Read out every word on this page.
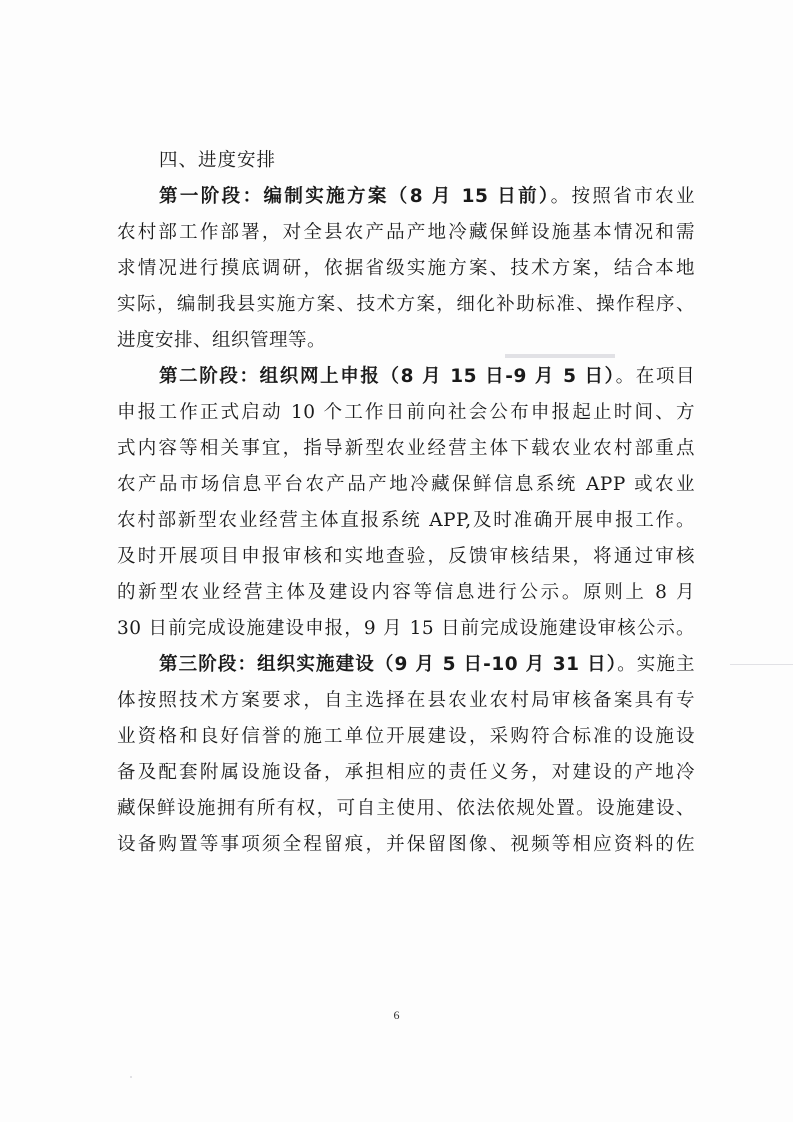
四、进度安排

第一阶段：编制实施方案（8 月 15 日前）。按照省市农业
农村部工作部署，对全县农产品产地冷藏保鲜设施基本情况和需
求情况进行摸底调研，依据省级实施方案、技术方案，结合本地
实际，编制我县实施方案、技术方案，细化补助标准、操作程序、
进度安排、组织管理等。
第二阶段：组织网上申报（8 月 15 日-9 月 5 日）。在项目
申报工作正式启动 10 个工作日前向社会公布申报起止时间、方
式内容等相关事宜，指导新型农业经营主体下载农业农村部重点
农产品市场信息平台农产品产地冷藏保鲜信息系统 APP 或农业
农村部新型农业经营主体直报系统 APP,及时准确开展申报工作。
及时开展项目申报审核和实地查验，反馈审核结果，将通过审核
的新型农业经营主体及建设内容等信息进行公示。原则上 8 月
30 日前完成设施建设申报，9 月 15 日前完成设施建设审核公示。
第三阶段：组织实施建设（9 月 5 日-10 月 31 日）。实施主
体按照技术方案要求，自主选择在县农业农村局审核备案具有专
业资格和良好信誉的施工单位开展建设，采购符合标准的设施设
备及配套附属设施设备，承担相应的责任义务，对建设的产地冷
藏保鲜设施拥有所有权，可自主使用、依法依规处置。设施建设、
设备购置等事项须全程留痕，并保留图像、视频等相应资料的佐
6
